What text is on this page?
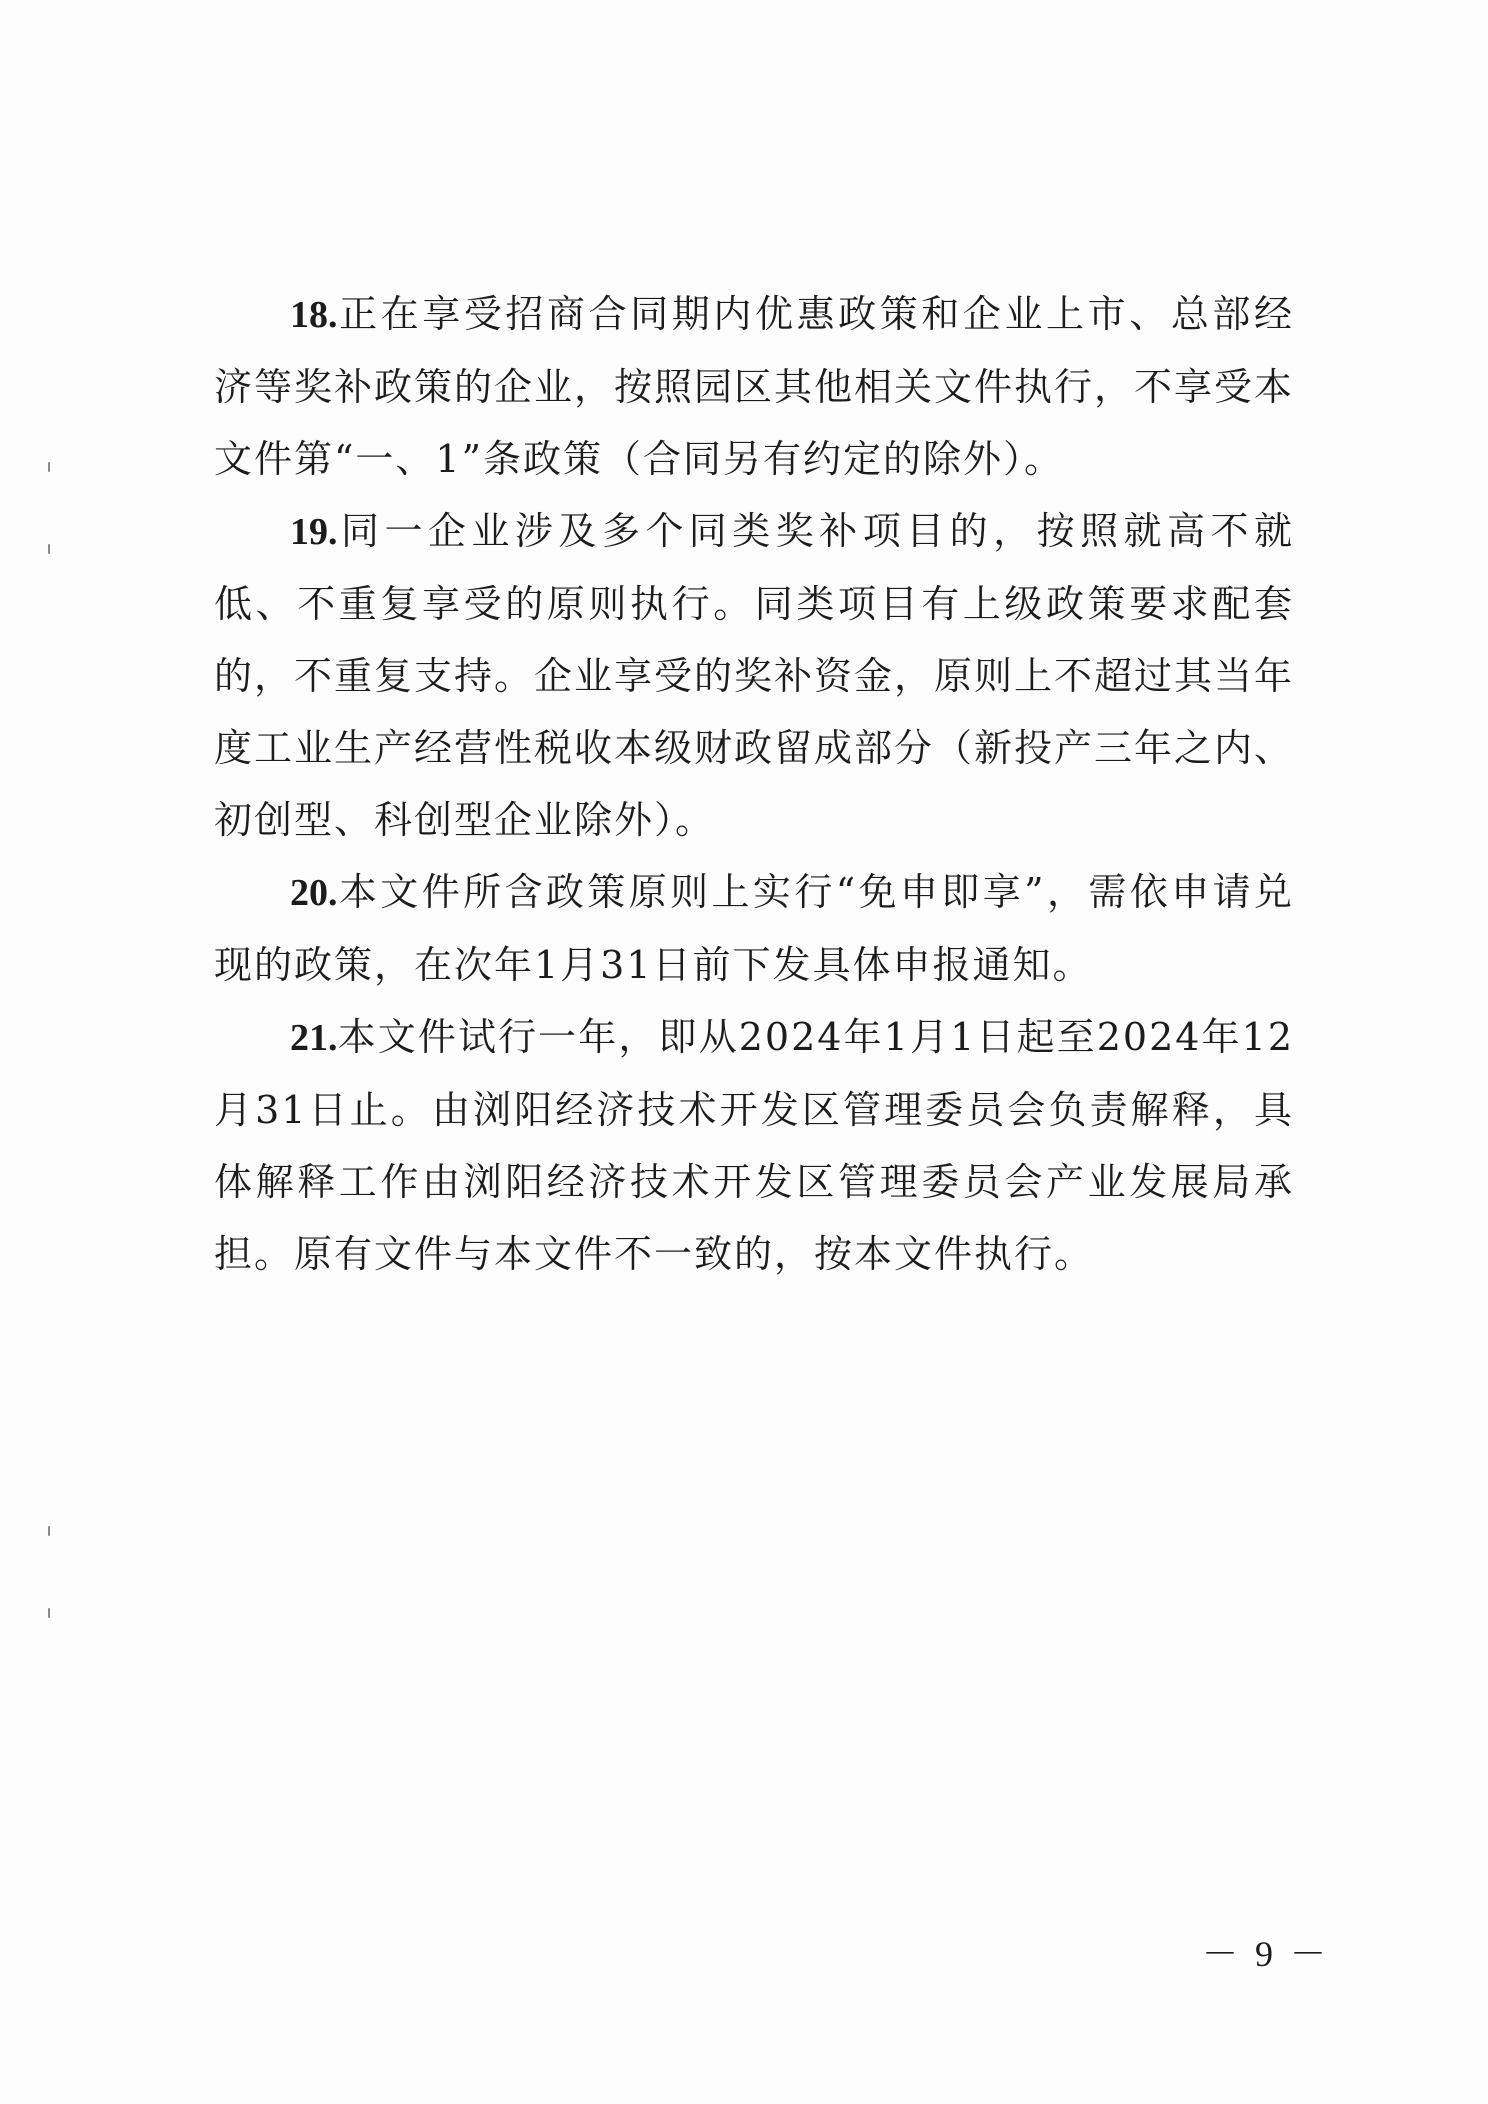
18.正在享受招商合同期内优惠政策和企业上市、总部经济等奖补政策的企业，按照园区其他相关文件执行，不享受本文件第“一、1”条政策（合同另有约定的除外）。

19.同一企业涉及多个同类奖补项目的，按照就高不就低、不重复享受的原则执行。同类项目有上级政策要求配套的，不重复支持。企业享受的奖补资金，原则上不超过其当年度工业生产经营性税收本级财政留成部分（新投产三年之内、初创型、科创型企业除外）。

20.本文件所含政策原则上实行“免申即享”，需依申请兑现的政策，在次年1月31日前下发具体申报通知。

21.本文件试行一年，即从2024年1月1日起至2024年12月31日止。由浏阳经济技术开发区管理委员会负责解释，具体解释工作由浏阳经济技术开发区管理委员会产业发展局承担。原有文件与本文件不一致的，按本文件执行。

－ 9 －
